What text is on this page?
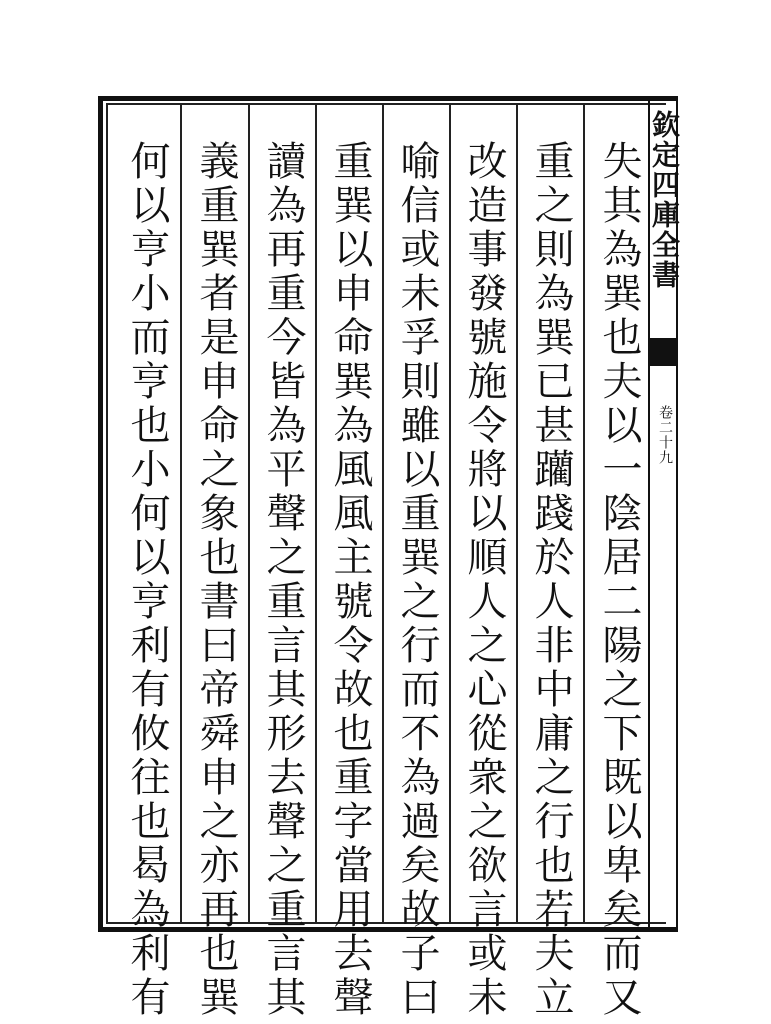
欽定四庫全書
卷二十九
失其為巽也夫以一陰居二陽之下既以卑矣而又
重之則為巽已甚躪踐於人非中庸之行也若夫立
改造事發號施令將以順人之心從衆之欲言或未
喻信或未孚則雖以重巽之行而不為過矣故子曰
重巽以申命巽為風風主號令故也重字當用去聲
讀為再重今皆為平聲之重言其形去聲之重言其
義重巽者是申命之象也書曰帝舜申之亦再也巽
何以亨小而亨也小何以亨利有攸往也曷為利有
